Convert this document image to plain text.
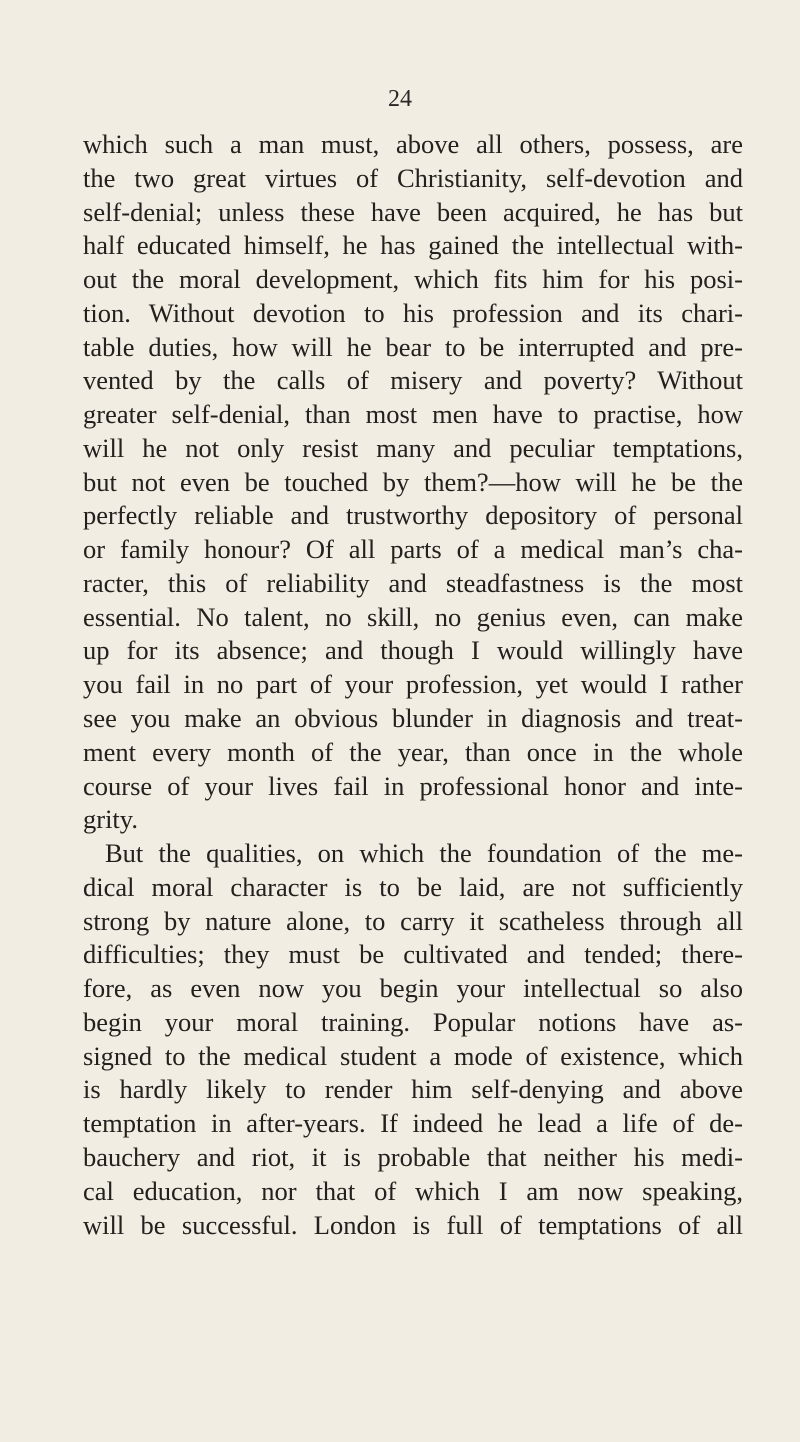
24
which such a man must, above all others, possess, are
the two great virtues of Christianity, self-devotion and
self-denial; unless these have been acquired, he has but
half educated himself, he has gained the intellectual with-
out the moral development, which fits him for his posi-
tion. Without devotion to his profession and its chari-
table duties, how will he bear to be interrupted and pre-
vented by the calls of misery and poverty? Without
greater self-denial, than most men have to practise, how
will he not only resist many and peculiar temptations,
but not even be touched by them?—how will he be the
perfectly reliable and trustworthy depository of personal
or family honour? Of all parts of a medical man’s cha-
racter, this of reliability and steadfastness is the most
essential. No talent, no skill, no genius even, can make
up for its absence; and though I would willingly have
you fail in no part of your profession, yet would I rather
see you make an obvious blunder in diagnosis and treat-
ment every month of the year, than once in the whole
course of your lives fail in professional honor and inte-
grity.
But the qualities, on which the foundation of the me-
dical moral character is to be laid, are not sufficiently
strong by nature alone, to carry it scatheless through all
difficulties; they must be cultivated and tended; there-
fore, as even now you begin your intellectual so also
begin your moral training. Popular notions have as-
signed to the medical student a mode of existence, which
is hardly likely to render him self-denying and above
temptation in after-years. If indeed he lead a life of de-
bauchery and riot, it is probable that neither his medi-
cal education, nor that of which I am now speaking,
will be successful. London is full of temptations of all
